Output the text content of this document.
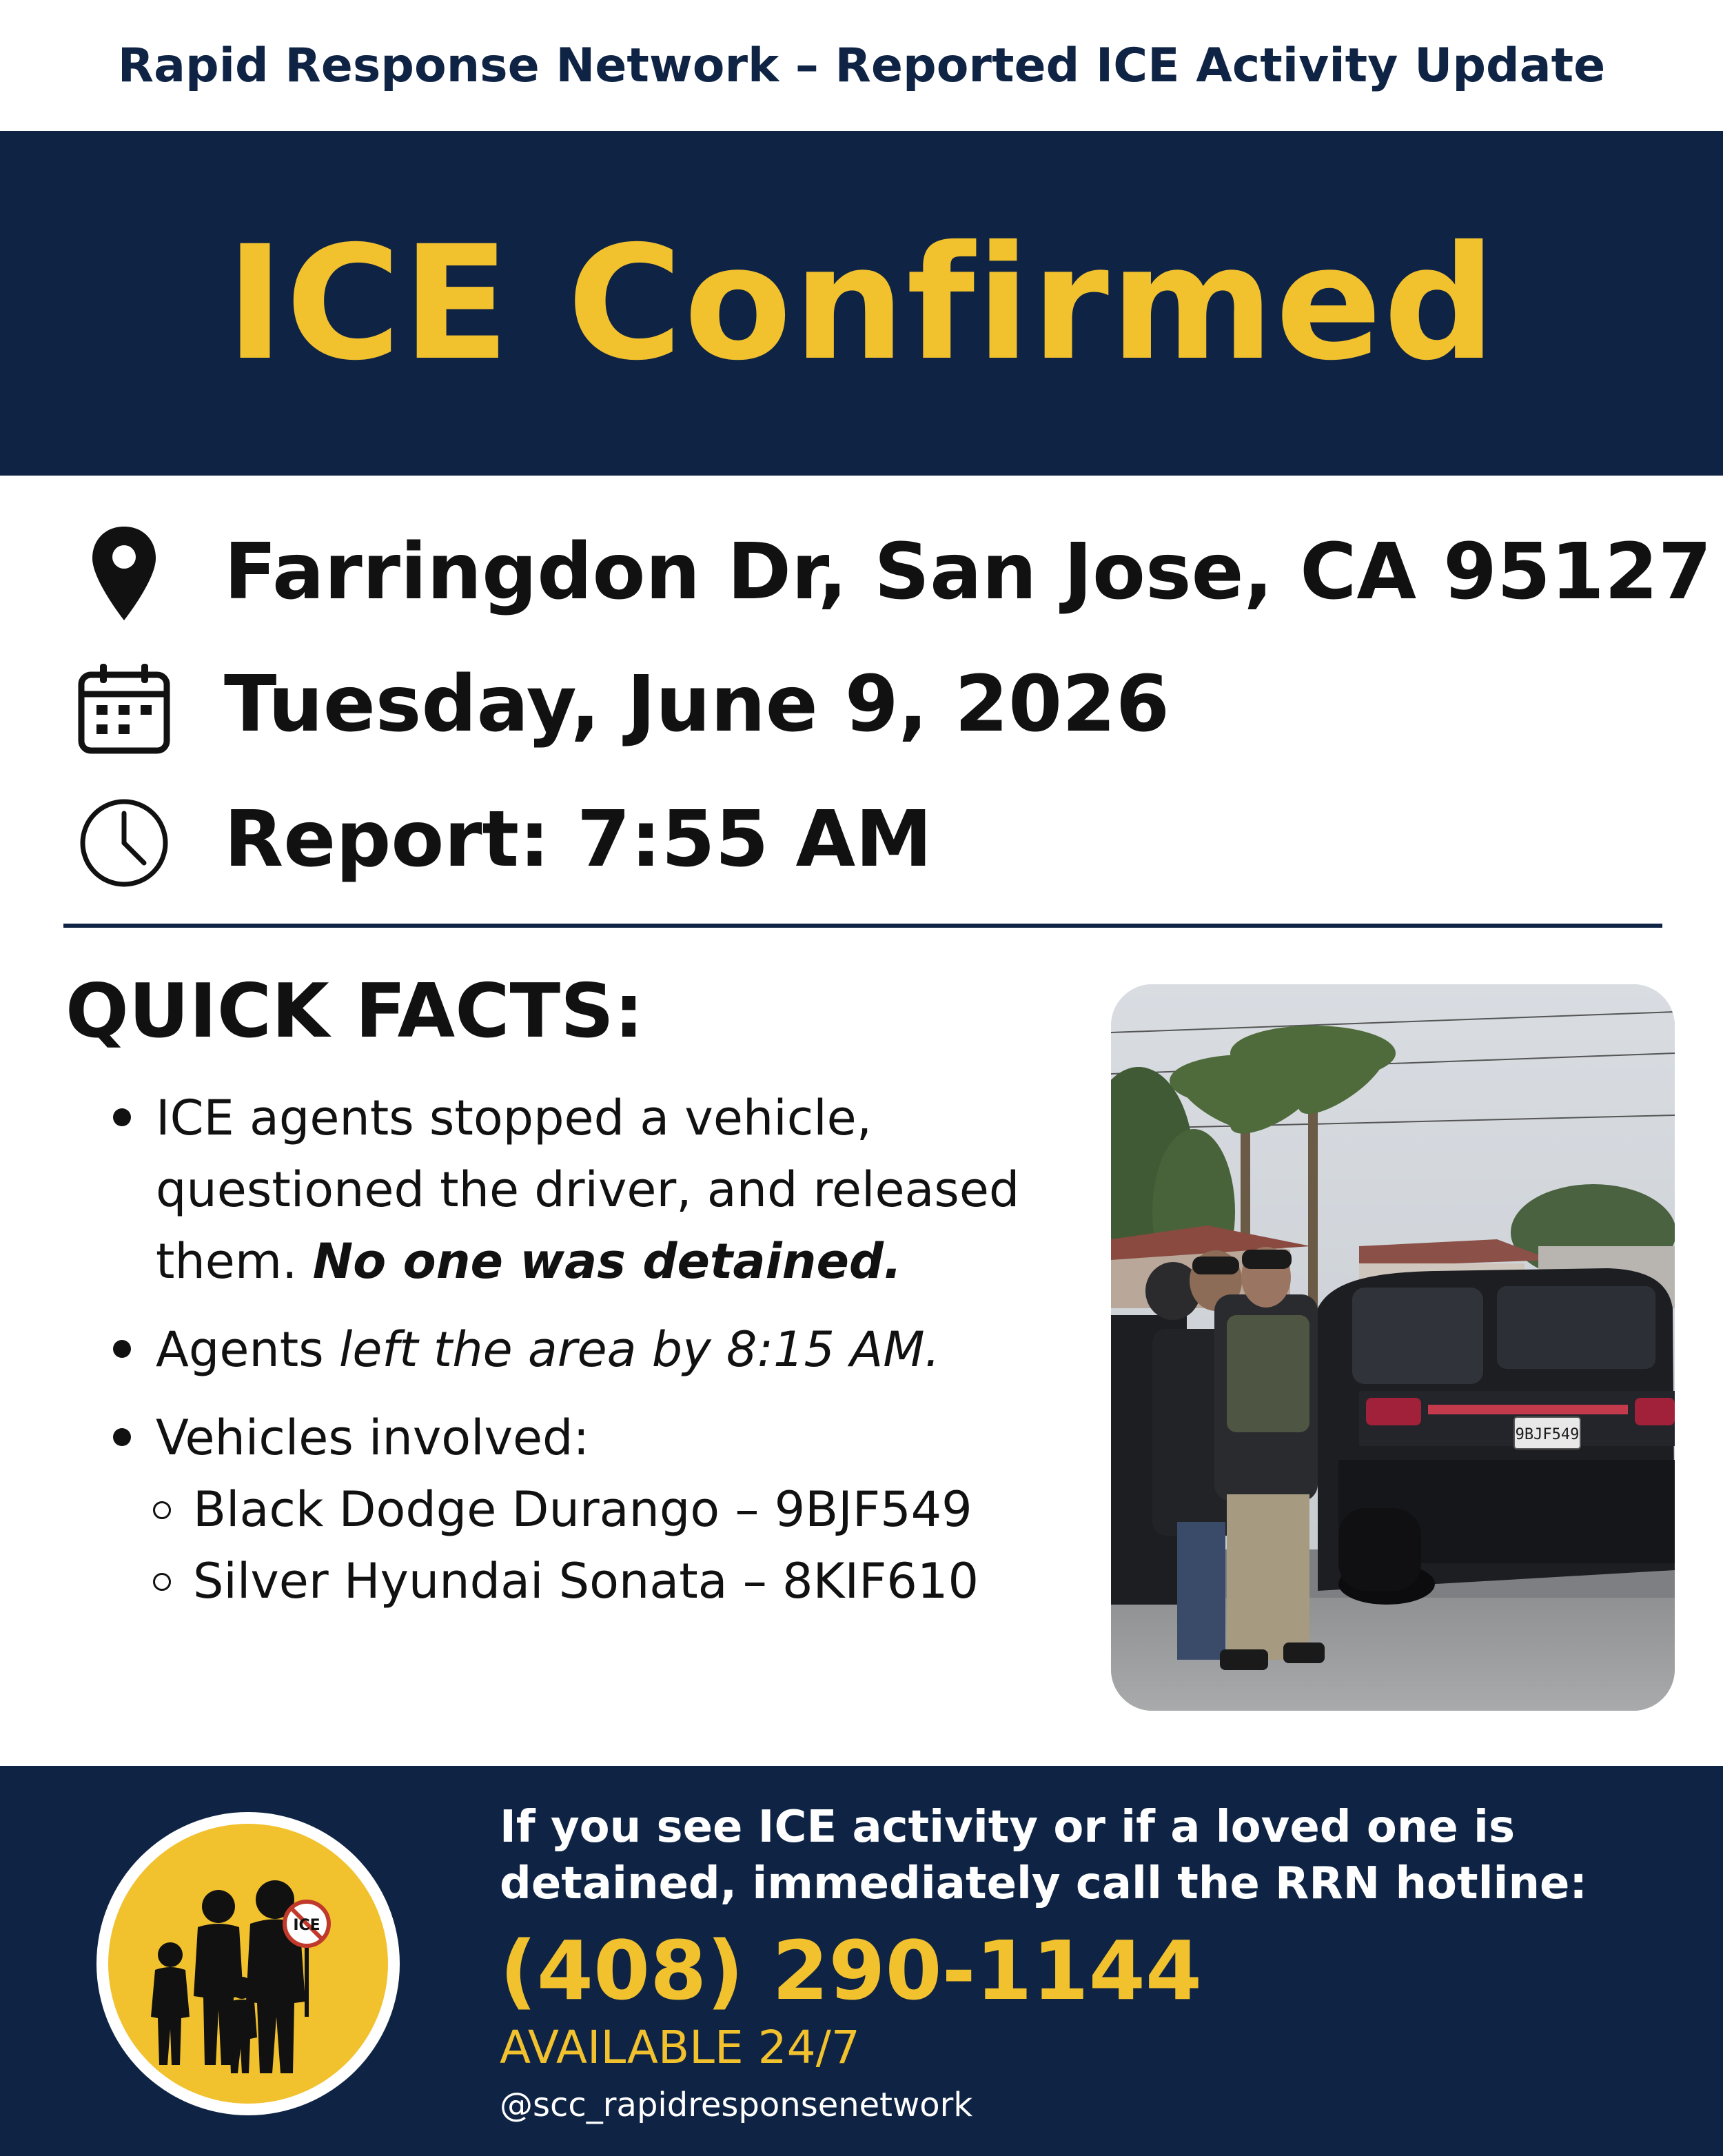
Rapid Response Network – Reported ICE Activity Update
ICE Confirmed
Farringdon Dr, San Jose, CA 95127
Tuesday, June 9, 2026
Report: 7:55 AM
QUICK FACTS:
ICE agents stopped a vehicle, questioned the driver, and released them. No one was detained.
Agents left the area by 8:15 AM.
Vehicles involved:
Black Dodge Durango – 9BJF549
Silver Hyundai Sonata – 8KIF610
9BJF549
ICE
If you see ICE activity or if a loved one is detained, immediately call the RRN hotline:
(408) 290-1144
AVAILABLE 24/7
@scc_rapidresponsenetwork
